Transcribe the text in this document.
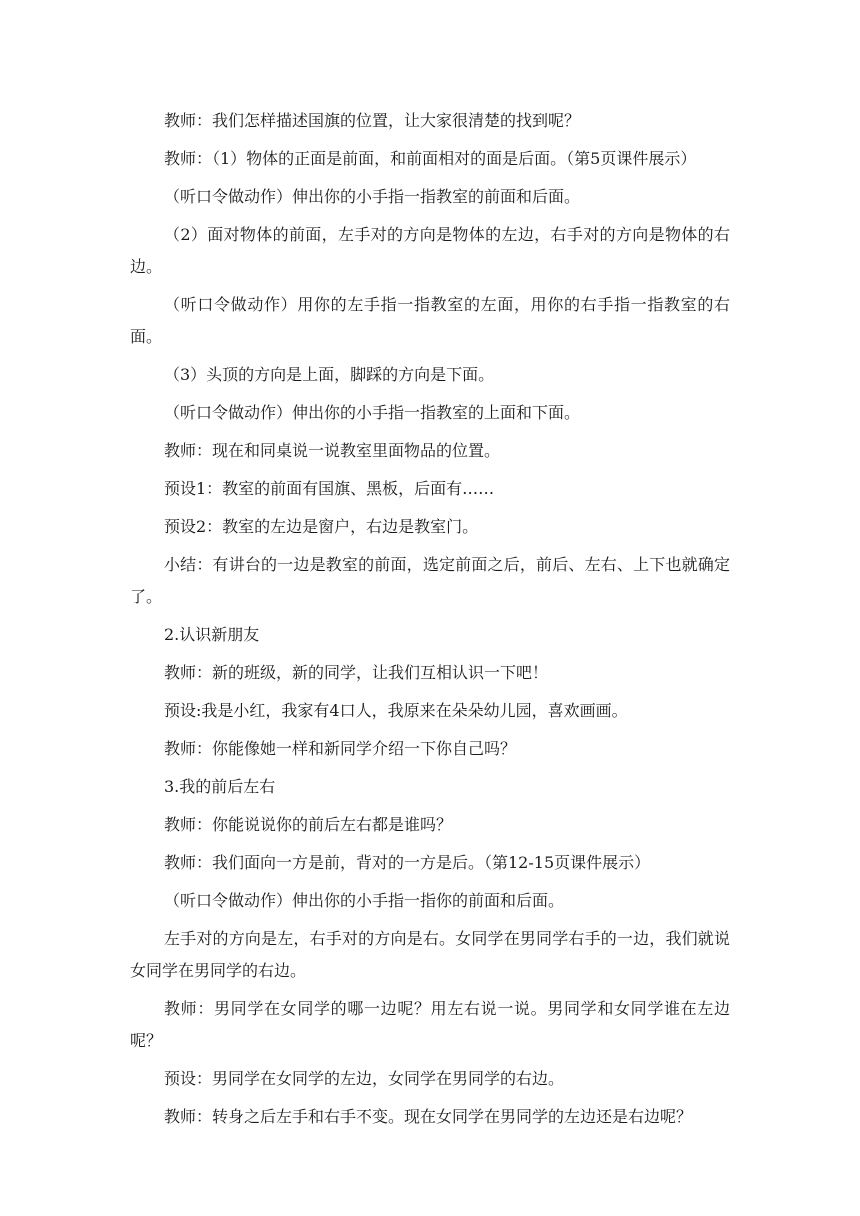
教师：我们怎样描述国旗的位置，让大家很清楚的找到呢？

教师：（1）物体的正面是前面，和前面相对的面是后面。（第5页课件展示）

（听口令做动作）伸出你的小手指一指教室的前面和后面。

（2）面对物体的前面，左手对的方向是物体的左边，右手对的方向是物体的右边。

（听口令做动作）用你的左手指一指教室的左面，用你的右手指一指教室的右面。

（3）头顶的方向是上面，脚踩的方向是下面。

（听口令做动作）伸出你的小手指一指教室的上面和下面。

教师：现在和同桌说一说教室里面物品的位置。

预设1：教室的前面有国旗、黑板，后面有……

预设2：教室的左边是窗户，右边是教室门。

小结：有讲台的一边是教室的前面，选定前面之后，前后、左右、上下也就确定了。

2.认识新朋友

教师：新的班级，新的同学，让我们互相认识一下吧！

预设:我是小红，我家有4口人，我原来在朵朵幼儿园，喜欢画画。

教师：你能像她一样和新同学介绍一下你自己吗？

3.我的前后左右

教师：你能说说你的前后左右都是谁吗？

教师：我们面向一方是前，背对的一方是后。（第12-15页课件展示）

（听口令做动作）伸出你的小手指一指你的前面和后面。

左手对的方向是左，右手对的方向是右。女同学在男同学右手的一边，我们就说女同学在男同学的右边。

教师：男同学在女同学的哪一边呢？用左右说一说。男同学和女同学谁在左边呢？

预设：男同学在女同学的左边，女同学在男同学的右边。

教师：转身之后左手和右手不变。现在女同学在男同学的左边还是右边呢？
